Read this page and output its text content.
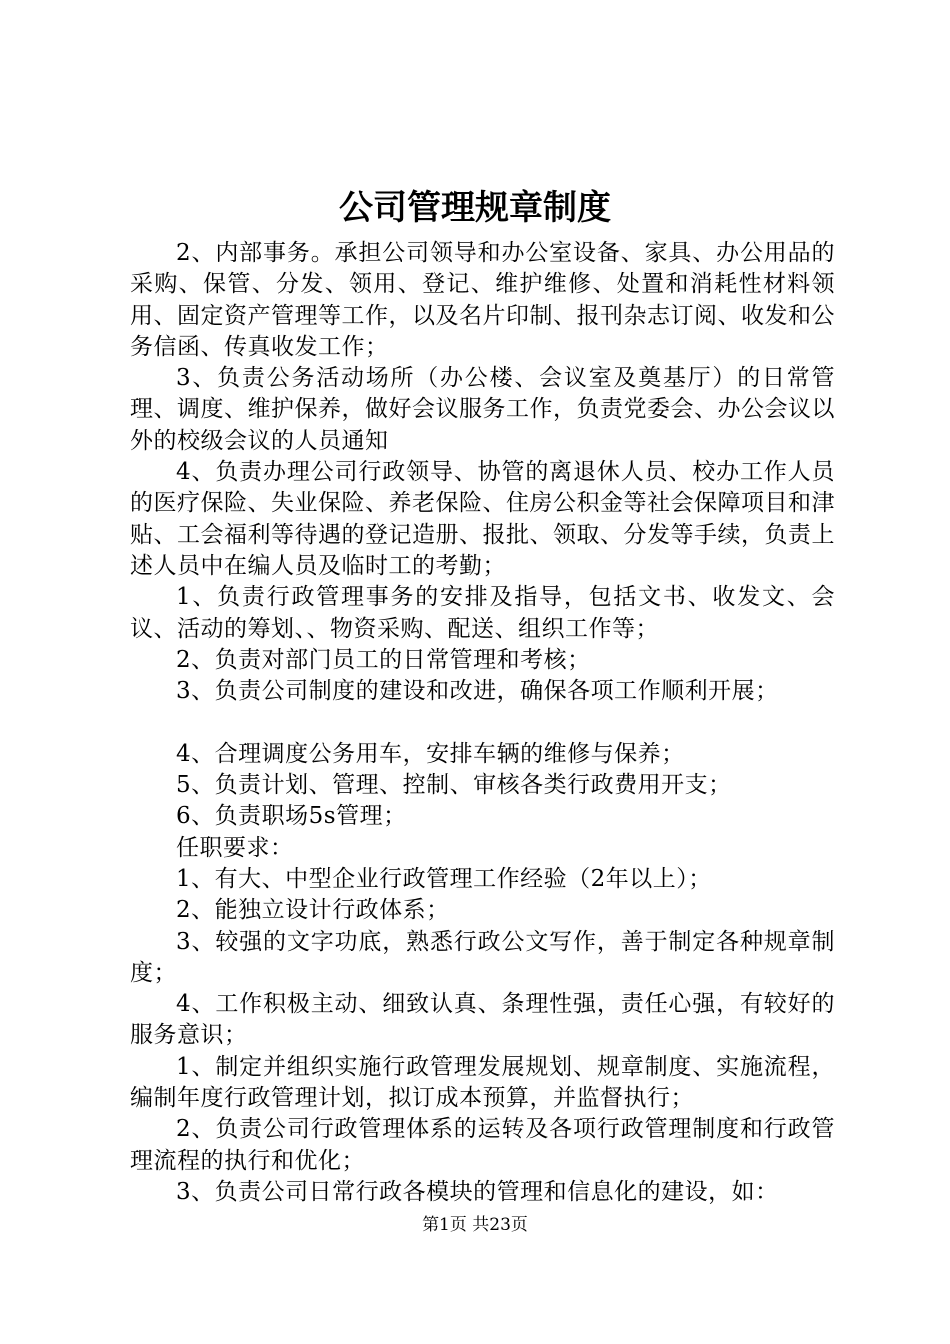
公司管理规章制度

2、内部事务。承担公司领导和办公室设备、家具、办公用品的采购、保管、分发、领用、登记、维护维修、处置和消耗性材料领用、固定资产管理等工作，以及名片印制、报刊杂志订阅、收发和公务信函、传真收发工作；

3、负责公务活动场所（办公楼、会议室及奠基厅）的日常管理、调度、维护保养，做好会议服务工作，负责党委会、办公会议以外的校级会议的人员通知

4、负责办理公司行政领导、协管的离退休人员、校办工作人员的医疗保险、失业保险、养老保险、住房公积金等社会保障项目和津贴、工会福利等待遇的登记造册、报批、领取、分发等手续，负责上述人员中在编人员及临时工的考勤；

1、负责行政管理事务的安排及指导，包括文书、收发文、会议、活动的筹划、、物资采购、配送、组织工作等；

2、负责对部门员工的日常管理和考核；

3、负责公司制度的建设和改进，确保各项工作顺利开展；

4、合理调度公务用车，安排车辆的维修与保养；

5、负责计划、管理、控制、审核各类行政费用开支；

6、负责职场5s管理；

任职要求：

1、有大、中型企业行政管理工作经验（2年以上）；

2、能独立设计行政体系；

3、较强的文字功底，熟悉行政公文写作，善于制定各种规章制度；

4、工作积极主动、细致认真、条理性强，责任心强，有较好的服务意识；

1、制定并组织实施行政管理发展规划、规章制度、实施流程，编制年度行政管理计划，拟订成本预算，并监督执行；

2、负责公司行政管理体系的运转及各项行政管理制度和行政管理流程的执行和优化；

3、负责公司日常行政各模块的管理和信息化的建设，如：

第1页 共23页
